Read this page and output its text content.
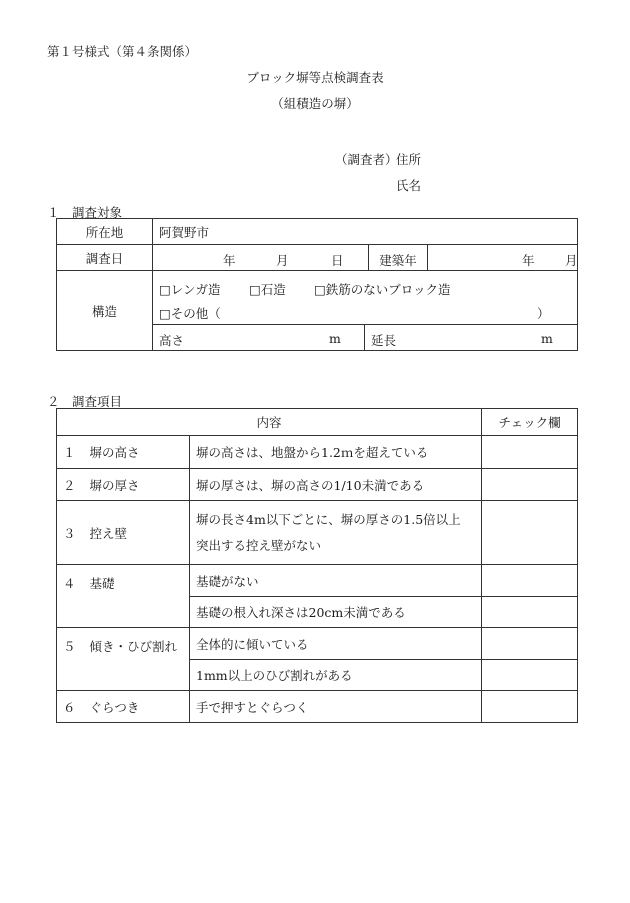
第１号様式（第４条関係）
ブロック塀等点検調査表
（組積造の塀）
（調査者）
住所
氏名
１　調査対象
所在地	阿賀野市	
調査日	年 月 日	建築年 年 月

構造	□レンガ造 □石造 □鉄筋のないブロック造
□その他（ ）	

	高さ m 延長 m	
２　調査項目
内容		チェック欄
１ 塀の高さ	塀の高さは、地盤から1.2ｍを超えている	
２ 塀の厚さ	塀の厚さは、塀の高さの1/10未満である	
３ 控え壁	塀の長さ4m以下ごとに、塀の厚さの1.5倍以上
突出する控え壁がない	

４ 基礎	基礎がない	
	基礎の根入れ深さは20cm未満である	
５ 傾き・ひび割れ	全体的に傾いている	
	1mm以上のひび割れがある	
６ ぐらつき	手で押すとぐらつく	
